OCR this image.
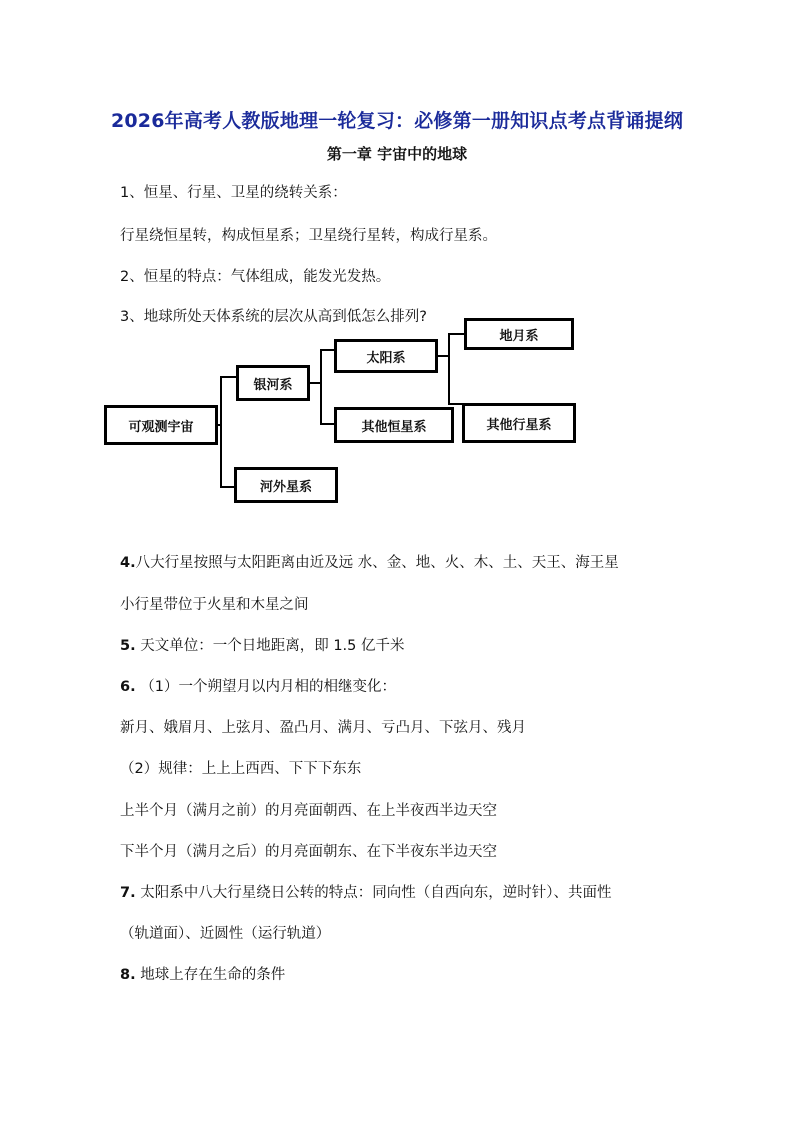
2026年高考人教版地理一轮复习：必修第一册知识点考点背诵提纲
第一章 宇宙中的地球
1、恒星、行星、卫星的绕转关系：
行星绕恒星转，构成恒星系；卫星绕行星转，构成行星系。
2、恒星的特点：气体组成，能发光发热。
3、地球所处天体系统的层次从高到低怎么排列?
可观测宇宙
银河系
河外星系
太阳系
其他恒星系
地月系
其他行星系
4.八大行星按照与太阳距离由近及远 水、金、地、火、木、土、天王、海王星
小行星带位于火星和木星之间
5. 天文单位：一个日地距离，即 1.5 亿千米
6. （1）一个朔望月以内月相的相继变化：
新月、娥眉月、上弦月、盈凸月、满月、亏凸月、下弦月、残月
（2）规律：上上上西西、下下下东东
上半个月（满月之前）的月亮面朝西、在上半夜西半边天空
下半个月（满月之后）的月亮面朝东、在下半夜东半边天空
7. 太阳系中八大行星绕日公转的特点：同向性（自西向东，逆时针）、共面性
（轨道面）、近圆性（运行轨道）
8. 地球上存在生命的条件
